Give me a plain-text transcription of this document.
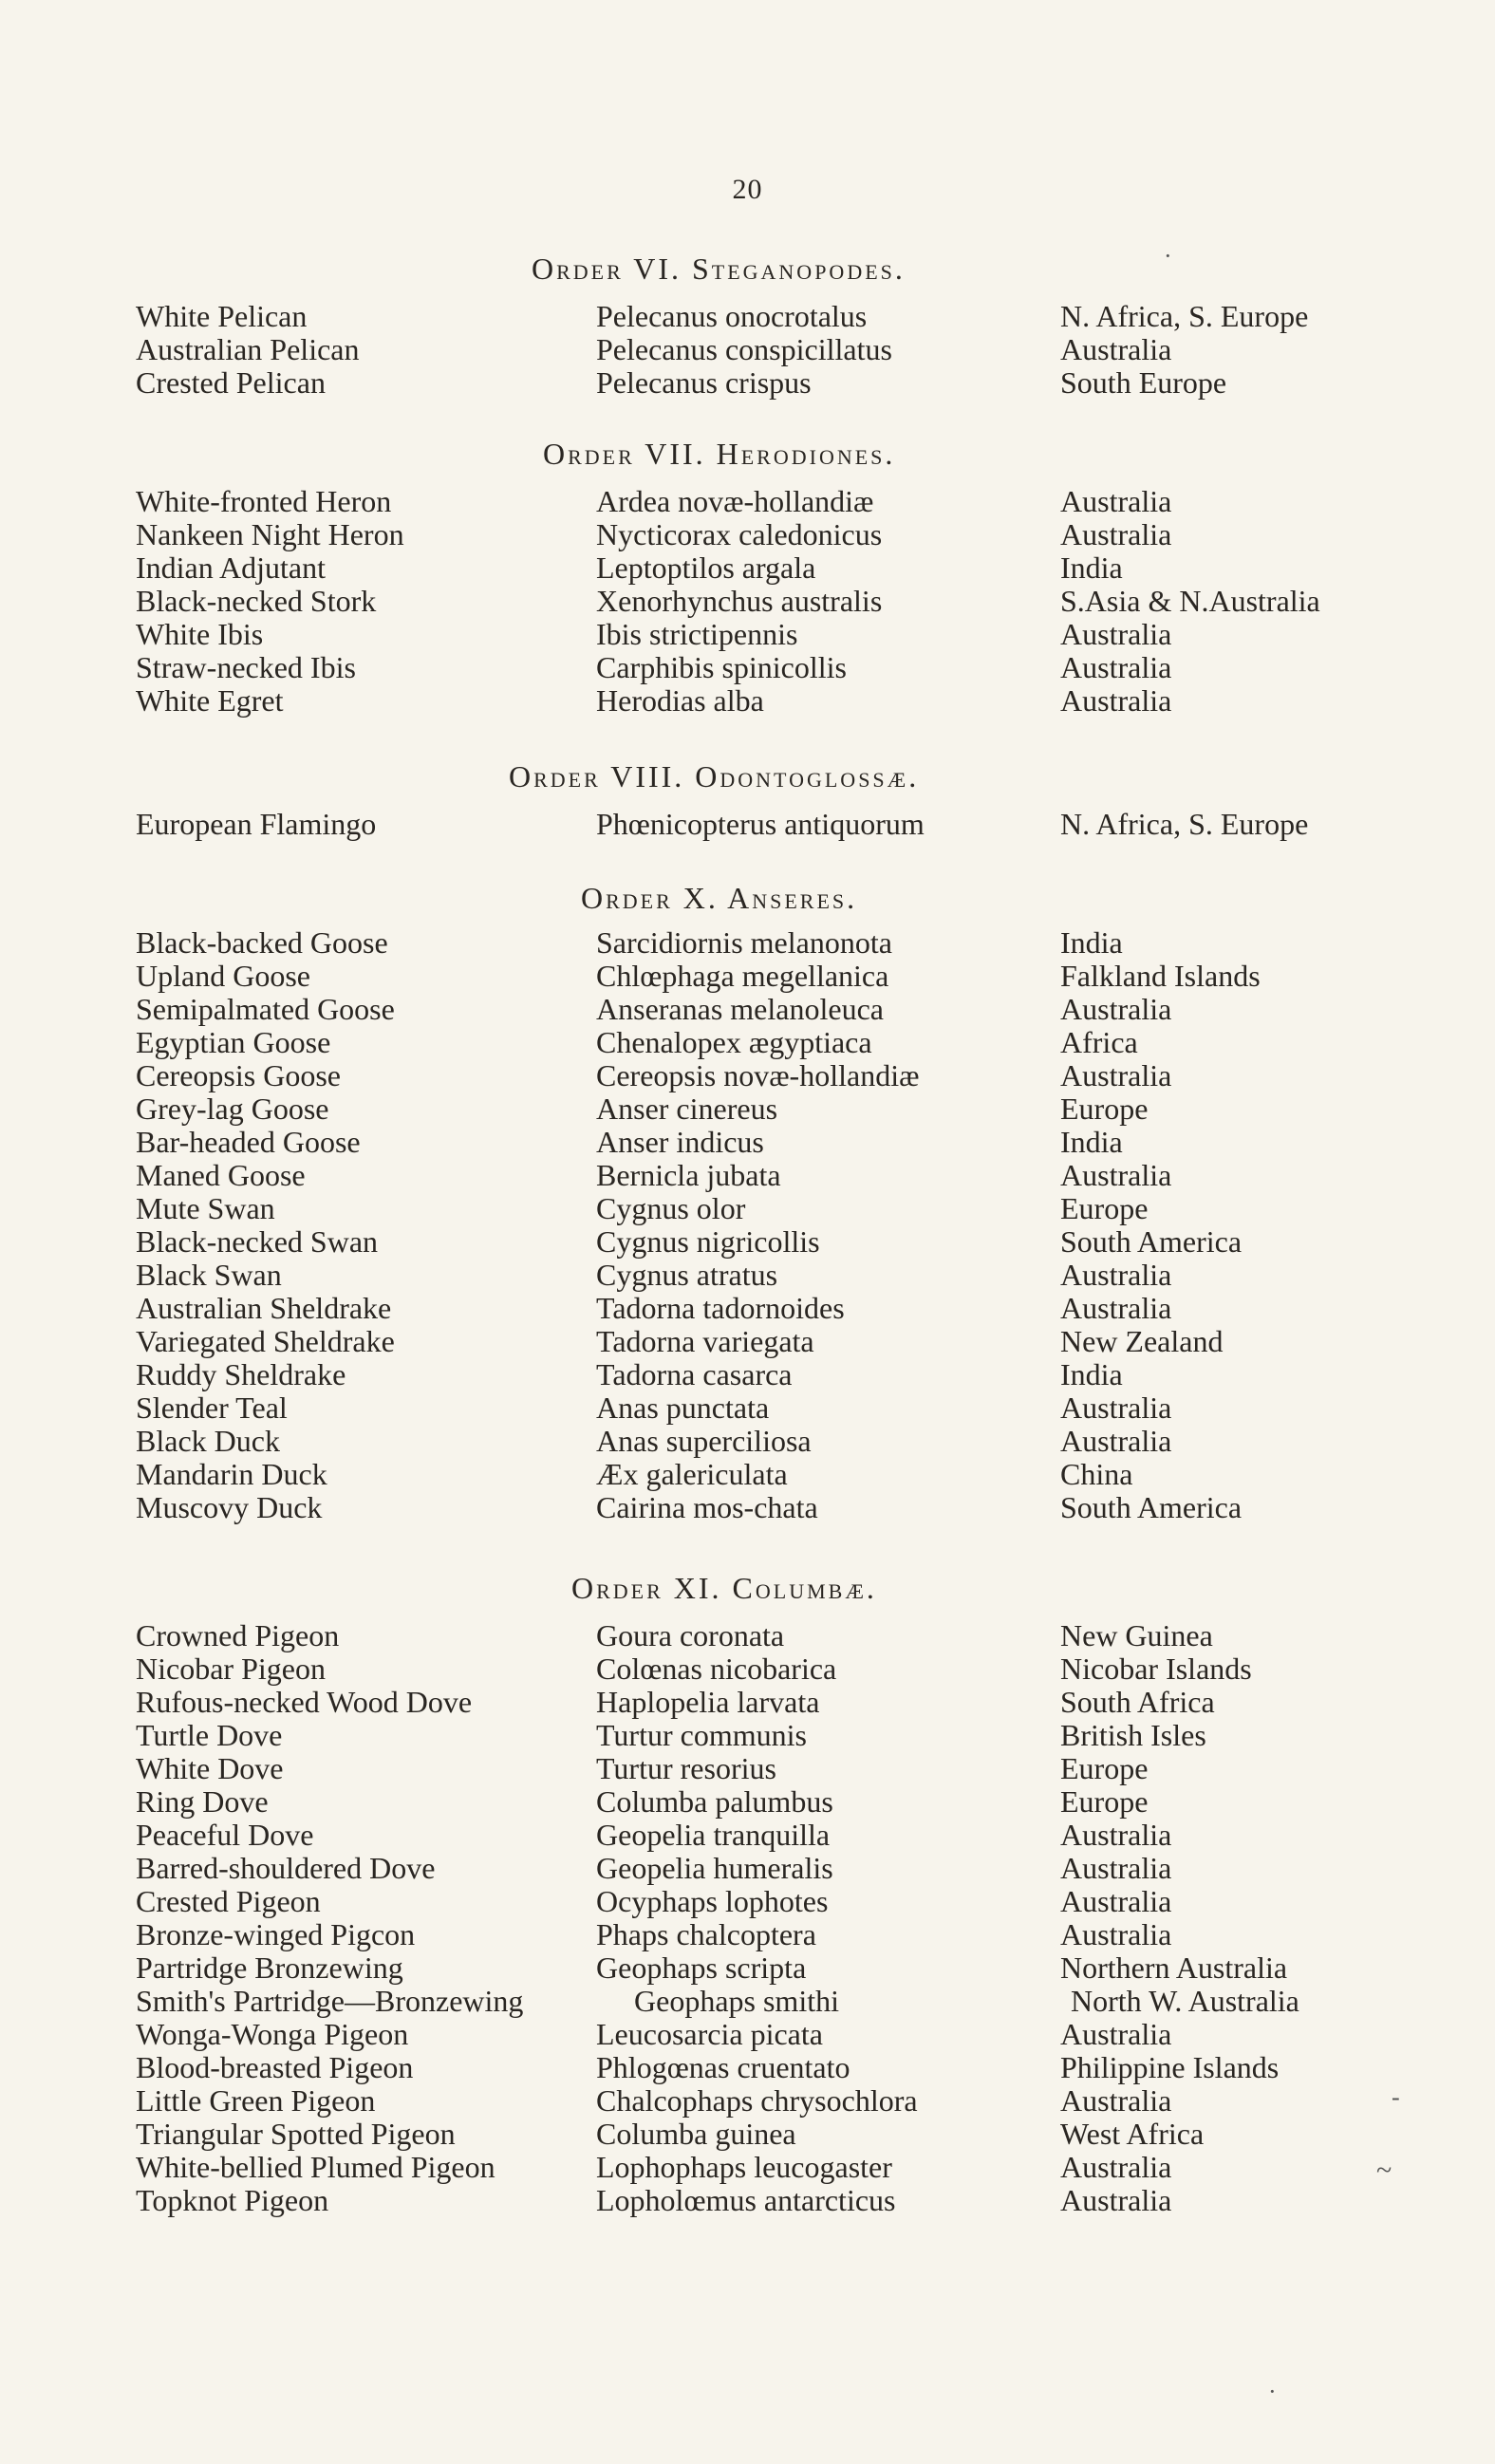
20
Order VI. Steganopodes.
White Pelican	Pelecanus onocrotalus	N. Africa, S. Europe
Australian Pelican	Pelecanus conspicillatus	Australia
Crested Pelican	Pelecanus crispus	South Europe
Order VII. Herodiones.
White-fronted Heron	Ardea novæ-hollandiæ	Australia
Nankeen Night Heron	Nycticorax caledonicus	Australia
Indian Adjutant	Leptoptilos argala	India
Black-necked Stork	Xenorhynchus australis	S.Asia & N.Australia
White Ibis	Ibis strictipennis	Australia
Straw-necked Ibis	Carphibis spinicollis	Australia
White Egret	Herodias alba	Australia
Order VIII. Odontoglossæ.
European Flamingo	Phœnicopterus antiquorum	N. Africa, S. Europe
Order X. Anseres.
Black-backed Goose	Sarcidiornis melanonota	India
Upland Goose	Chlœphaga megellanica	Falkland Islands
Semipalmated Goose	Anseranas melanoleuca	Australia
Egyptian Goose	Chenalopex ægyptiaca	Africa
Cereopsis Goose	Cereopsis novæ-hollandiæ	Australia
Grey-lag Goose	Anser cinereus	Europe
Bar-headed Goose	Anser indicus	India
Maned Goose	Bernicla jubata	Australia
Mute Swan	Cygnus olor	Europe
Black-necked Swan	Cygnus nigricollis	South America
Black Swan	Cygnus atratus	Australia
Australian Sheldrake	Tadorna tadornoides	Australia
Variegated Sheldrake	Tadorna variegata	New Zealand
Ruddy Sheldrake	Tadorna casarca	India
Slender Teal	Anas punctata	Australia
Black Duck	Anas superciliosa	Australia
Mandarin Duck	Æx galericulata	China
Muscovy Duck	Cairina mos-chata	South America
Order XI. Columbæ.
Crowned Pigeon	Goura coronata	New Guinea
Nicobar Pigeon	Colœnas nicobarica	Nicobar Islands
Rufous-necked Wood Dove	Haplopelia larvata	South Africa
Turtle Dove	Turtur communis	British Isles
White Dove	Turtur resorius	Europe
Ring Dove	Columba palumbus	Europe
Peaceful Dove	Geopelia tranquilla	Australia
Barred-shouldered Dove	Geopelia humeralis	Australia
Crested Pigeon	Ocyphaps lophotes	Australia
Bronze-winged Pigcon	Phaps chalcoptera	Australia
Partridge Bronzewing	Geophaps scripta	Northern Australia
Smith's Partridge—Bronzewing	Geophaps smithi	North W. Australia
Wonga-Wonga Pigeon	Leucosarcia picata	Australia
Blood-breasted Pigeon	Phlogœnas cruentato	Philippine Islands
Little Green Pigeon	Chalcophaps chrysochlora	Australia
Triangular Spotted Pigeon	Columba guinea	West Africa
White-bellied Plumed Pigeon	Lophophaps leucogaster	Australia
Topknot Pigeon	Lopholœmus antarcticus	Australia
·
-
~
·
